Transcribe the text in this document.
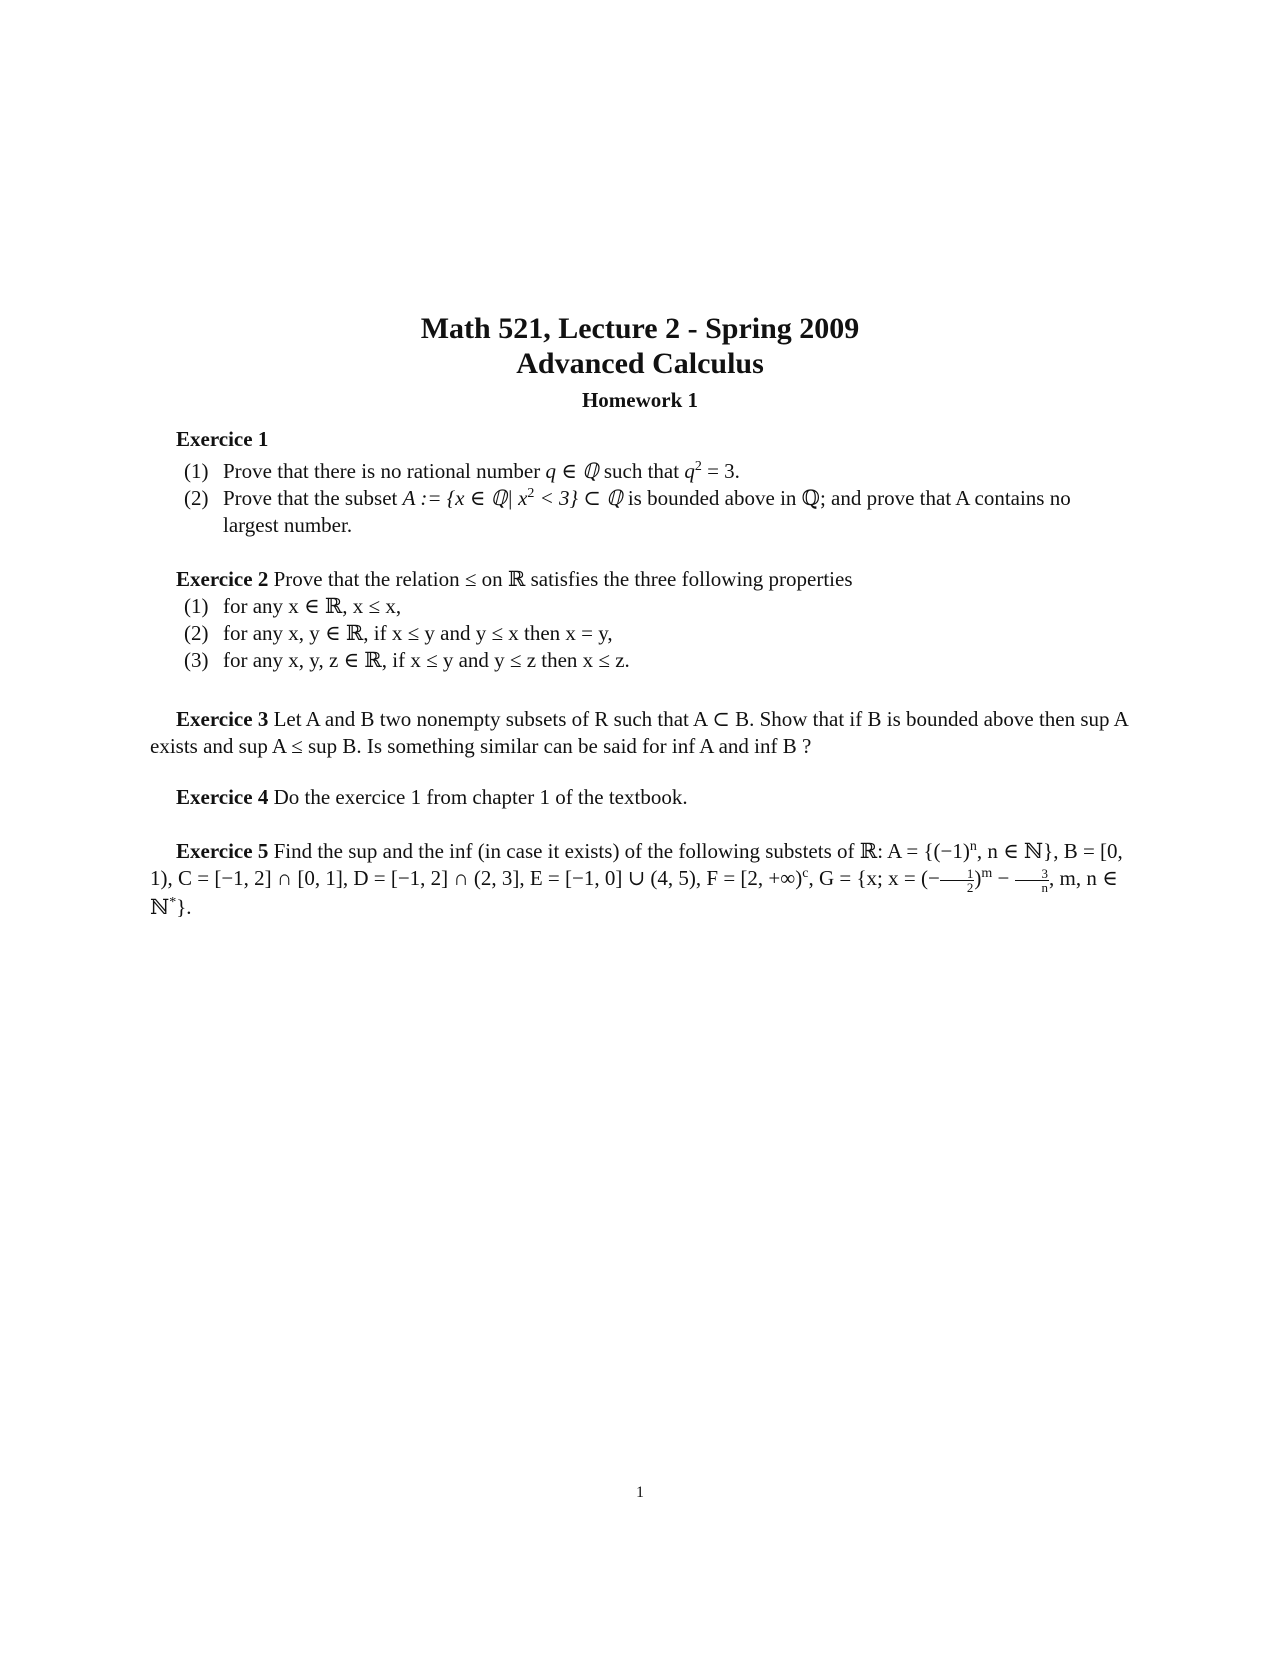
Math 521, Lecture 2 - Spring 2009
Advanced Calculus
Homework 1

Exercice 1

(1) Prove that there is no rational number q ∈ ℚ such that $q^2 = 3$.
(2) Prove that the subset A := {x ∈ ℚ| $x^2 < 3$} ⊂ ℚ is bounded above in ℚ; and prove that A contains no largest number.

Exercice 2 Prove that the relation ≤ on ℝ satisfies the three following properties

(1) for any x ∈ ℝ, x ≤ x,
(2) for any x, y ∈ ℝ, if x ≤ y and y ≤ x then x = y,
(3) for any x, y, z ∈ ℝ, if x ≤ y and y ≤ z then x ≤ z.

Exercice 3 Let A and B two nonempty subsets of R such that A ⊂ B. Show that if B is bounded above then sup A exists and sup A ≤ sup B. Is something similar can be said for inf A and inf B ?

Exercice 4 Do the exercice 1 from chapter 1 of the textbook.

Exercice 5 Find the sup and the inf (in case it exists) of the following substets of ℝ: $A = \{(-1)^n$, n ∈ ℕ}, B = [0, 1), C = [−1, 2] ∩ [0, 1], D = [−1, 2] ∩ (2, 3], E = [−1, 0] ∪ (4, 5), F = [2, +∞)$^c$, G = {x; x = (− $\frac{1}{2} )^m - \frac{3}{n}$ , m, n ∈ ℕ*}.

1
